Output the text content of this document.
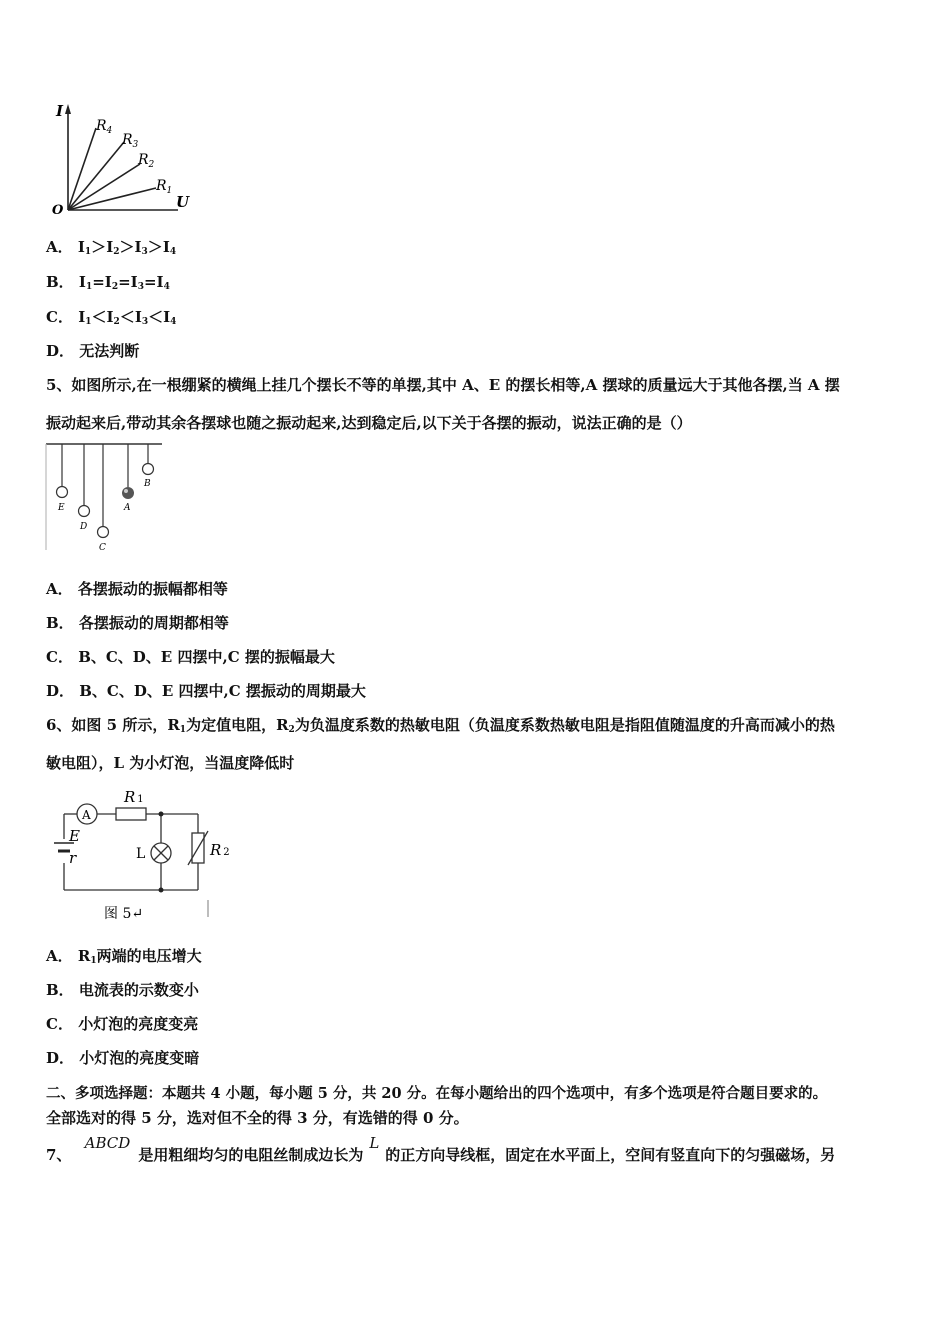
I
U
O
$R_4$
$R_3$
$R_2$
$R_1$
A． $I_1>I_2>I_3>I_4$
B． $I_1=I_2=I_3=I_4$
C． $I_1<I_2<I_3<I_4$
D． 无法判断
5、如图所示,在一根绷紧的横绳上挂几个摆长不等的单摆,其中 A、E 的摆长相等,A 摆球的质量远大于其他各摆,当 A 摆
振动起来后,带动其余各摆球也随之振动起来,达到稳定后,以下关于各摆的振动，说法正确的是（）
E
D
C
A
B
A． 各摆振动的振幅都相等
B． 各摆振动的周期都相等
C． B、C、D、E 四摆中,C 摆的振幅最大
D． B、C、D、E 四摆中,C 摆振动的周期最大
6、如图 5 所示，$R_1$为定值电阻，$R_2$为负温度系数的热敏电阻（负温度系数热敏电阻是指阻值随温度的升高而减小的热
敏电阻），L 为小灯泡，当温度降低时
A
R 1
E
r	L	R 2
图 5↵
A． $R_1$两端的电压增大
B． 电流表的示数变小
C． 小灯泡的亮度变亮
D． 小灯泡的亮度变暗
二、多项选择题：本题共 4 小题，每小题 5 分，共 20 分。在每小题给出的四个选项中，有多个选项是符合题目要求的。
全部选对的得 5 分，选对但不全的得 3 分，有选错的得 0 分。
7、 ABCD是用粗细均匀的电阻丝制成边长为L的正方向导线框，固定在水平面上，空间有竖直向下的匀强磁场，另
